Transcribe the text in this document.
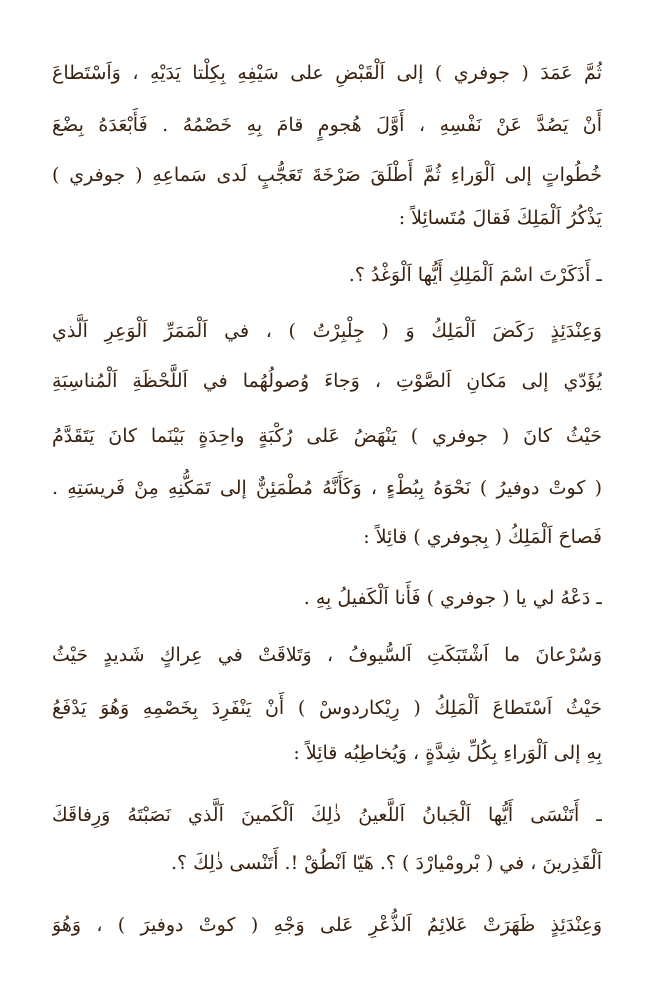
ثُمَّ عَمَدَ ( جوفري ) إلى اَلْقَبْضِ على سَيْفِهِ بِكِلْتا يَدَيْهِ ، وَاَسْتَطاعَ
أَنْ يَصُدَّ عَنْ نَفْسِهِ ، أَوَّلَ هُجومٍ قامَ بِهِ خَصْمُهُ . فَأَبْعَدَهُ بِضْعَ
خُطُواتٍ إلى اَلْوَراءِ ثُمَّ أَطْلَقَ صَرْخَةَ تَعَجُّبٍ لَدى سَماعِهِ ( جوفري )
يَذْكُرُ اَلْمَلِكَ فَقالَ مُتَسائِلاً :
ـ أَذَكَرْتَ اسْمَ اَلْمَلِكِ أَيُّها اَلْوَغْدُ ؟.
وَعِنْدَئِذٍ رَكَضَ اَلْمَلِكُ وَ ( جِلْبِرْتُ ) ، في اَلْمَمَرِّ اَلْوَعِرِ اَلَّذي
يُؤَدّي إلى مَكانِ اَلصَّوْتِ ، وَجاءَ وُصولُهُما في اَللَّحْظَةِ اَلْمُناسِبَةِ
حَيْثُ كانَ ( جوفري ) يَنْهَضُ عَلى رُكْبَةٍ واحِدَةٍ بَيْنَما كانَ يَتَقَدَّمُ
( كوتْ دوفيرُ ) نَحْوَهُ بِبُطْءٍ ، وَكَأَنَّهُ مُطْمَئِنٌّ إلى تَمَكُّنِهِ مِنْ فَريسَتِهِ .
فَصاحَ اَلْمَلِكُ ( بِجوفري ) قائِلاً :
ـ دَعْهُ لي يا ( جوفري ) فَأَنا اَلْكَفيلُ بِهِ .
وَسُرْعانَ ما اَشْتَبَكَتِ اَلسُّيوفُ ، وَتَلاقَتْ في عِراكٍ شَديدٍ حَيْثُ
حَيْثُ اَسْتَطاعَ اَلْمَلِكُ ( رِيْكاردوسْ ) أَنْ يَنْفَرِدَ بِخَصْمِهِ وَهُوَ يَدْفَعُ
بِهِ إلى اَلْوَراءِ بِكُلِّ شِدَّةٍ ، وَيُخاطِبُه قائِلاً :
ـ أَتَنْسَى أَيُّها اَلْجَبانُ اَللَّعينُ ذٰلِكَ اَلْكَمينَ اَلَّذي نَصَبْتَهُ وَرِفاقَكَ
اَلْقَذِرينَ ، في ( بْرومْيارْدَ ) ؟. هَيّا اَنْطُقْ !. أَتَنْسى ذٰلِكَ ؟.
وَعِنْدَئِذٍ ظَهَرَتْ عَلائِمُ اَلذُّعْرِ عَلى وَجْهِ ( كوتْ دوفيرَ ) ، وَهُوَ
